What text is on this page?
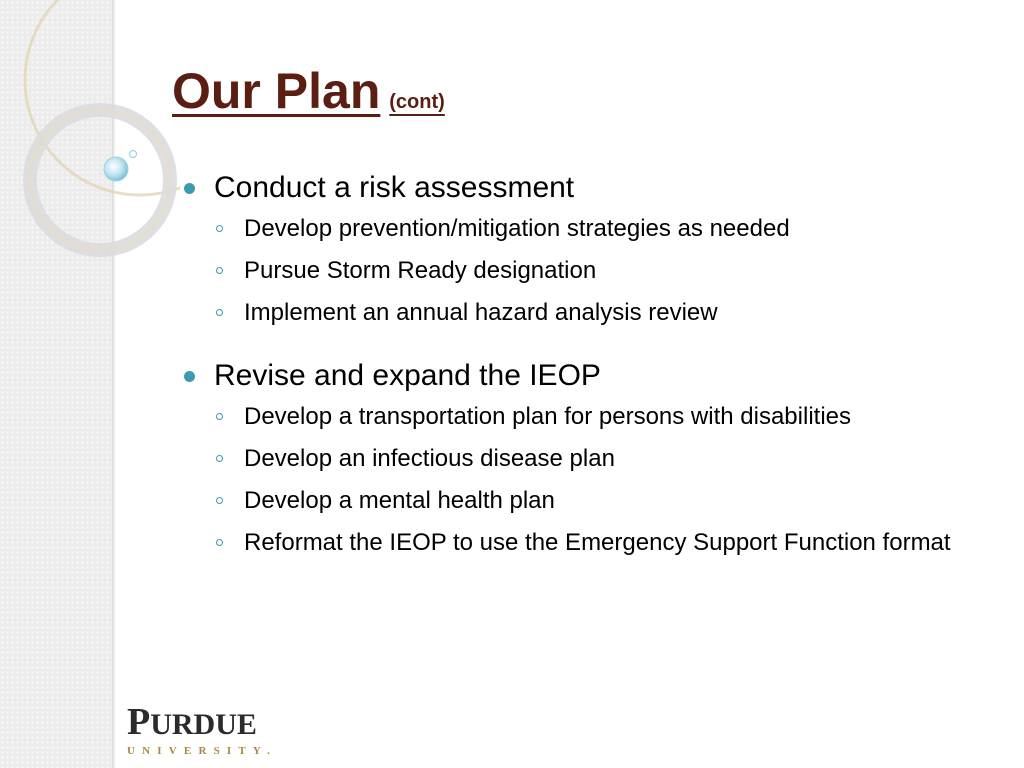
Our Plan (cont)
Conduct a risk assessment
Develop prevention/mitigation strategies as needed
Pursue Storm Ready designation
Implement an annual hazard analysis review
Revise and expand the IEOP
Develop a transportation plan for persons with disabilities
Develop an infectious disease plan
Develop a mental health plan
Reformat the IEOP to use the Emergency Support Function format
PURDUE
UNIVERSITY.
